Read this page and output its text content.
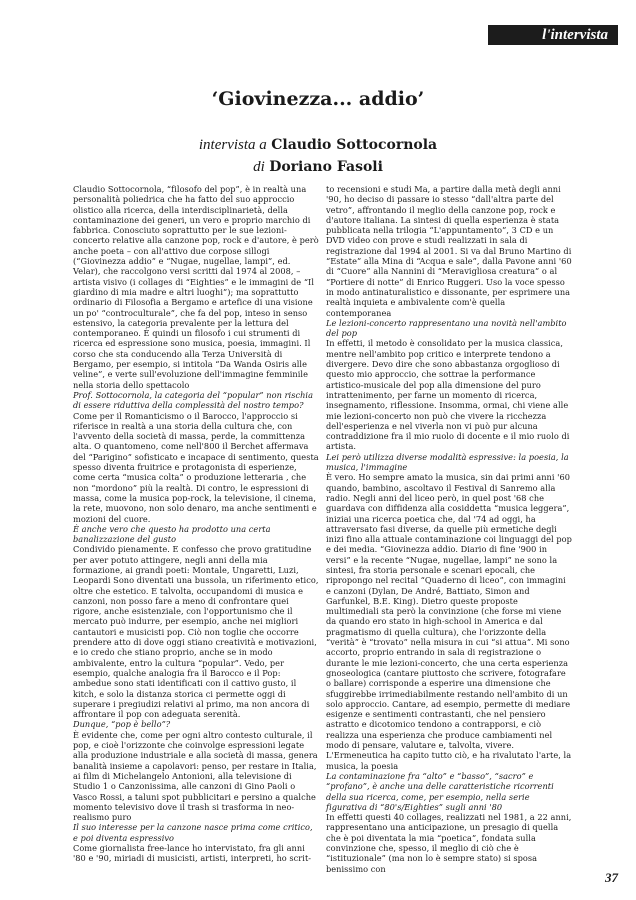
l'intervista
‘Giovinezza... addio’
intervista a Claudio Sottocornola
di Doriano Fasoli

Claudio Sottocornola, “filosofo del pop”, è in realtà una personalità poliedrica che ha fatto del suo approccio olistico alla ricerca, della interdisciplinarietà, della contaminazione dei generi, un vero e proprio marchio di fabbrica. Conosciuto soprattutto per le sue lezioni-concerto relative alla canzone pop, rock e d'autore, è però anche poeta – con all'attivo due corpose sillogi (“Giovinezza addio” e “Nugae, nugellae, lampi”, ed. Velar), che raccolgono versi scritti dal 1974 al 2008, – artista visivo (i collages di “Eighties” e le immagini de “Il giardino di mia madre e altri luoghi”); ma soprattutto ordinario di Filosofia a Bergamo e artefice di una visione un po' “controculturale”, che fa del pop, inteso in senso estensivo, la categoria prevalente per la lettura del contemporaneo. È quindi un filosofo i cui strumenti di ricerca ed espressione sono musica, poesia, immagini. Il corso che sta conducendo alla Terza Università di Bergamo, per esempio, si intitola “Da Wanda Osiris alle veline”, e verte sull'evoluzione dell'immagine femminile nella storia dello spettacolo

Prof. Sottocornola, la categoria del “popular” non rischia di essere riduttiva della complessità del nostro tempo?

Come per il Romanticismo o il Barocco, l'approccio si riferisce in realtà a una storia della cultura che, con l'avvento della società di massa, perde, la committenza alta. O quantomeno, come nell'800 il Berchet affermava del “Parigino” sofisticato e incapace di sentimento, questa spesso diventa fruitrice e protagonista di esperienze, come certa “musica colta” o produzione letteraria , che non “mordono” più la realtà. Di contro, le espressioni di massa, come la musica pop-rock, la televisione, il cinema, la rete, muovono, non solo denaro, ma anche sentimenti e mozioni del cuore.

È anche vero che questo ha prodotto una certa banalizzazione del gusto

Condivido pienamente. E confesso che provo gratitudine per aver potuto attingere, negli anni della mia formazione, ai grandi poeti: Montale, Ungaretti, Luzi, Leopardi Sono diventati una bussola, un riferimento etico, oltre che estetico. E talvolta, occupandomi di musica e canzoni, non posso fare a meno di confrontare quei rigore, anche esistenziale, con l'opportunismo che il mercato può indurre, per esempio, anche nei migliori cantautori e musicisti pop. Ciò non toglie che occorre prendere atto di dove oggi stiano creatività e motivazioni, e io credo che stiano proprio, anche se in modo ambivalente, entro la cultura “popular”. Vedo, per esempio, qualche analogia fra il Barocco e il Pop: ambedue sono stati identificati con il cattivo gusto, il kitch, e solo la distanza storica ci permette oggi di superare i pregiudizi relativi al primo, ma non ancora di affrontare il pop con adeguata serenità.

Dunque, “pop è bello”?

È evidente che, come per ogni altro contesto culturale, il pop, e cioè l'orizzonte che coinvolge espressioni legate alla produzione industriale e alla società di massa, genera banalità insieme a capolavori: penso, per restare in Italia, ai film di Michelangelo Antonioni, alla televisione di Studio 1 o Canzonissima, alle canzoni di Gino Paoli o Vasco Rossi, a taluni spot pubblicitari e persino a qualche momento televisivo dove il trash si trasforma in neo-realismo puro

Il suo interesse per la canzone nasce prima come critico, e poi diventa espressivo

Come giornalista free-lance ho intervistato, fra gli anni '80 e '90, miriadi di musicisti, artisti, interpreti, ho scrit-

to recensioni e studi Ma, a partire dalla metà degli anni '90, ho deciso di passare io stesso “dall'altra parte del vetro”, affrontando il meglio della canzone pop, rock e d'autore italiana. La sintesi di quella esperienza è stata pubblicata nella trilogia “L'appuntamento”, 3 CD e un DVD video con prove e studi realizzati in sala di registrazione dal 1994 al 2001. Si va dal Bruno Martino di “Estate” alla Mina di “Acqua e sale”, dalla Pavone anni '60 di “Cuore” alla Nannini di “Meravigliosa creatura” o al “Portiere di notte” di Enrico Ruggeri. Uso la voce spesso in modo antinaturalistico e dissonante, per esprimere una realtà inquieta e ambivalente com'è quella contemporanea

Le lezioni-concerto rappresentano una novità nell'ambito del pop

In effetti, il metodo è consolidato per la musica classica, mentre nell'ambito pop critico e interprete tendono a divergere. Devo dire che sono abbastanza orgoglioso di questo mio approccio, che sottrae la performance artistico-musicale del pop alla dimensione del puro intrattenimento, per farne un momento di ricerca, insegnamento, riflessione. Insomma, ormai, chi viene alle mie lezioni-concerto non può che vivere la ricchezza dell'esperienza e nel viverla non vi può pur alcuna contraddizione fra il mio ruolo di docente e il mio ruolo di artista.

Lei però utilizza diverse modalità espressive: la poesia, la musica, l'immagine

È vero. Ho sempre amato la musica, sin dai primi anni '60 quando, bambino, ascoltavo il Festival di Sanremo alla radio. Negli anni del liceo però, in quel post '68 che guardava con diffidenza alla cosiddetta “musica leggera”, iniziai una ricerca poetica che, dal '74 ad oggi, ha attraversato fasi diverse, da quelle più ermetiche degli inizi fino alla attuale contaminazione coi linguaggi del pop e dei media. “Giovinezza addio. Diario di fine '900 in versi” e la recente “Nugae, nugellae, lampi” ne sono la sintesi, fra storia personale e scenari epocali, che ripropongo nel recital “Quaderno di liceo”, con immagini e canzoni (Dylan, De André, Battiato, Simon and Garfunkel, B.E. King). Dietro queste proposte multimediali sta però la convinzione (che forse mi viene da quando ero stato in high-school in America e dal pragmatismo di quella cultura), che l'orizzonte della “verità” è “trovato” nella misura in cui “si attua”. Mi sono accorto, proprio entrando in sala di registrazione o durante le mie lezioni-concerto, che una certa esperienza gnoseologica (cantare piuttosto che scrivere, fotografare o ballare) corrisponde a esperire una dimensione che sfuggirebbe irrimediabilmente restando nell'ambito di un solo approccio. Cantare, ad esempio, permette di mediare esigenze e sentimenti contrastanti, che nel pensiero astratto e dicotomico tendono a contrapporsi, e ciò realizza una esperienza che produce cambiamenti nel modo di pensare, valutare e, talvolta, vivere. L'Ermeneutica ha capito tutto ciò, e ha rivalutato l'arte, la musica, la poesia

La contaminazione fra “alto” e “basso”, “sacro” e “profano”, è anche una delle caratteristiche ricorrenti della sua ricerca, come, per esempio, nella serie figurativa di “80's/Eighties” sugli anni '80

In effetti questi 40 collages, realizzati nel 1981, a 22 anni, rappresentano una anticipazione, un presagio di quella che è poi diventata la mia “poetica”, fondata sulla convinzione che, spesso, il meglio di ciò che è “istituzionale” (ma non lo è sempre stato) si sposa benissimo con

37
